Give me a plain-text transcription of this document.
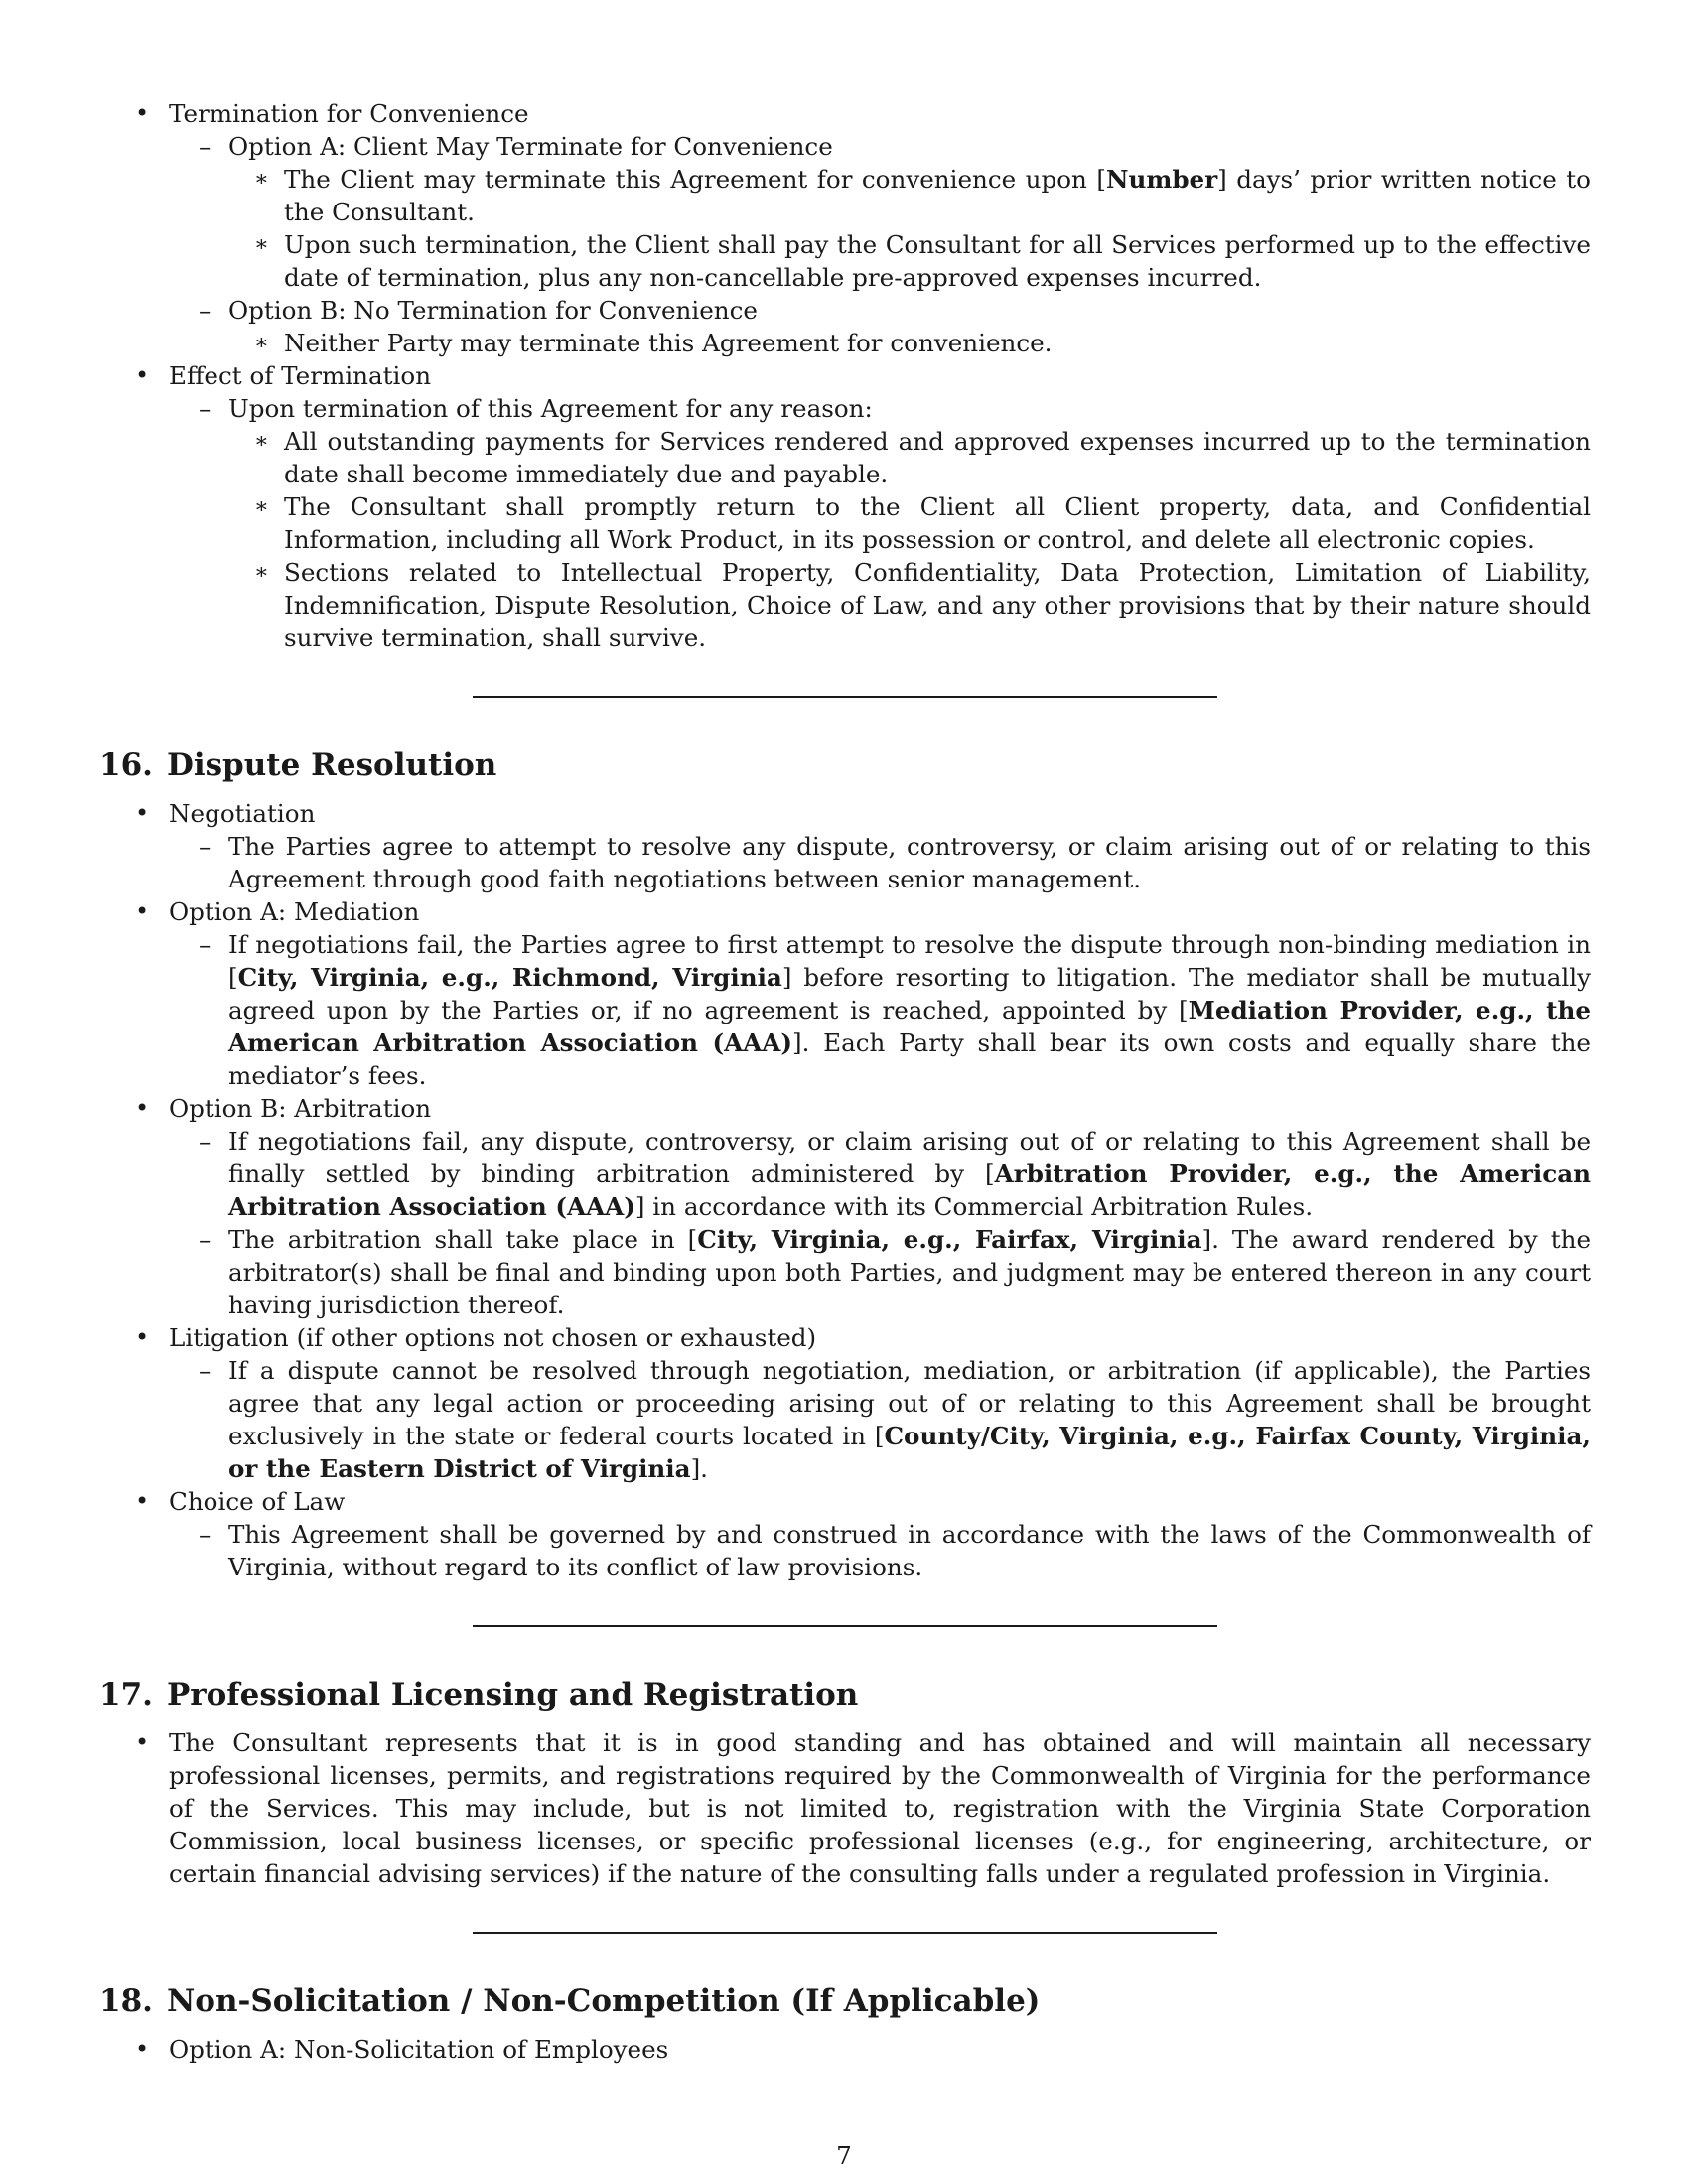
• Termination for Convenience
– Option A: Client May Terminate for Convenience
∗ The Client may terminate this Agreement for convenience upon [Number] days’ prior written notice to the Consultant.
∗ Upon such termination, the Client shall pay the Consultant for all Services performed up to the effective date of termination, plus any non-cancellable pre-approved expenses incurred.
– Option B: No Termination for Convenience
∗ Neither Party may terminate this Agreement for convenience.
• Effect of Termination
– Upon termination of this Agreement for any reason:
∗ All outstanding payments for Services rendered and approved expenses incurred up to the termination date shall become immediately due and payable.
∗ The Consultant shall promptly return to the Client all Client property, data, and Confidential Information, including all Work Product, in its possession or control, and delete all electronic copies.
∗ Sections related to Intellectual Property, Confidentiality, Data Protection, Limitation of Liability, Indemnification, Dispute Resolution, Choice of Law, and any other provisions that by their nature should survive termination, shall survive.
16. Dispute Resolution
• Negotiation
– The Parties agree to attempt to resolve any dispute, controversy, or claim arising out of or relating to this Agreement through good faith negotiations between senior management.
• Option A: Mediation
– If negotiations fail, the Parties agree to first attempt to resolve the dispute through non-binding mediation in [City, Virginia, e.g., Richmond, Virginia] before resorting to litigation. The mediator shall be mutually agreed upon by the Parties or, if no agreement is reached, appointed by [Mediation Provider, e.g., the American Arbitration Association (AAA)]. Each Party shall bear its own costs and equally share the mediator’s fees.
• Option B: Arbitration
– If negotiations fail, any dispute, controversy, or claim arising out of or relating to this Agreement shall be finally settled by binding arbitration administered by [Arbitration Provider, e.g., the American Arbitration Association (AAA)] in accordance with its Commercial Arbitration Rules.
– The arbitration shall take place in [City, Virginia, e.g., Fairfax, Virginia]. The award rendered by the arbitrator(s) shall be final and binding upon both Parties, and judgment may be entered thereon in any court having jurisdiction thereof.
• Litigation (if other options not chosen or exhausted)
– If a dispute cannot be resolved through negotiation, mediation, or arbitration (if applicable), the Parties agree that any legal action or proceeding arising out of or relating to this Agreement shall be brought exclusively in the state or federal courts located in [County/City, Virginia, e.g., Fairfax County, Virginia, or the Eastern District of Virginia].
• Choice of Law
– This Agreement shall be governed by and construed in accordance with the laws of the Commonwealth of Virginia, without regard to its conflict of law provisions.
17. Professional Licensing and Registration
• The Consultant represents that it is in good standing and has obtained and will maintain all necessary professional licenses, permits, and registrations required by the Commonwealth of Virginia for the performance of the Services. This may include, but is not limited to, registration with the Virginia State Corporation Commission, local business licenses, or specific professional licenses (e.g., for engineering, architecture, or certain financial advising services) if the nature of the consulting falls under a regulated profession in Virginia.
18. Non-Solicitation / Non-Competition (If Applicable)
• Option A: Non-Solicitation of Employees
7
